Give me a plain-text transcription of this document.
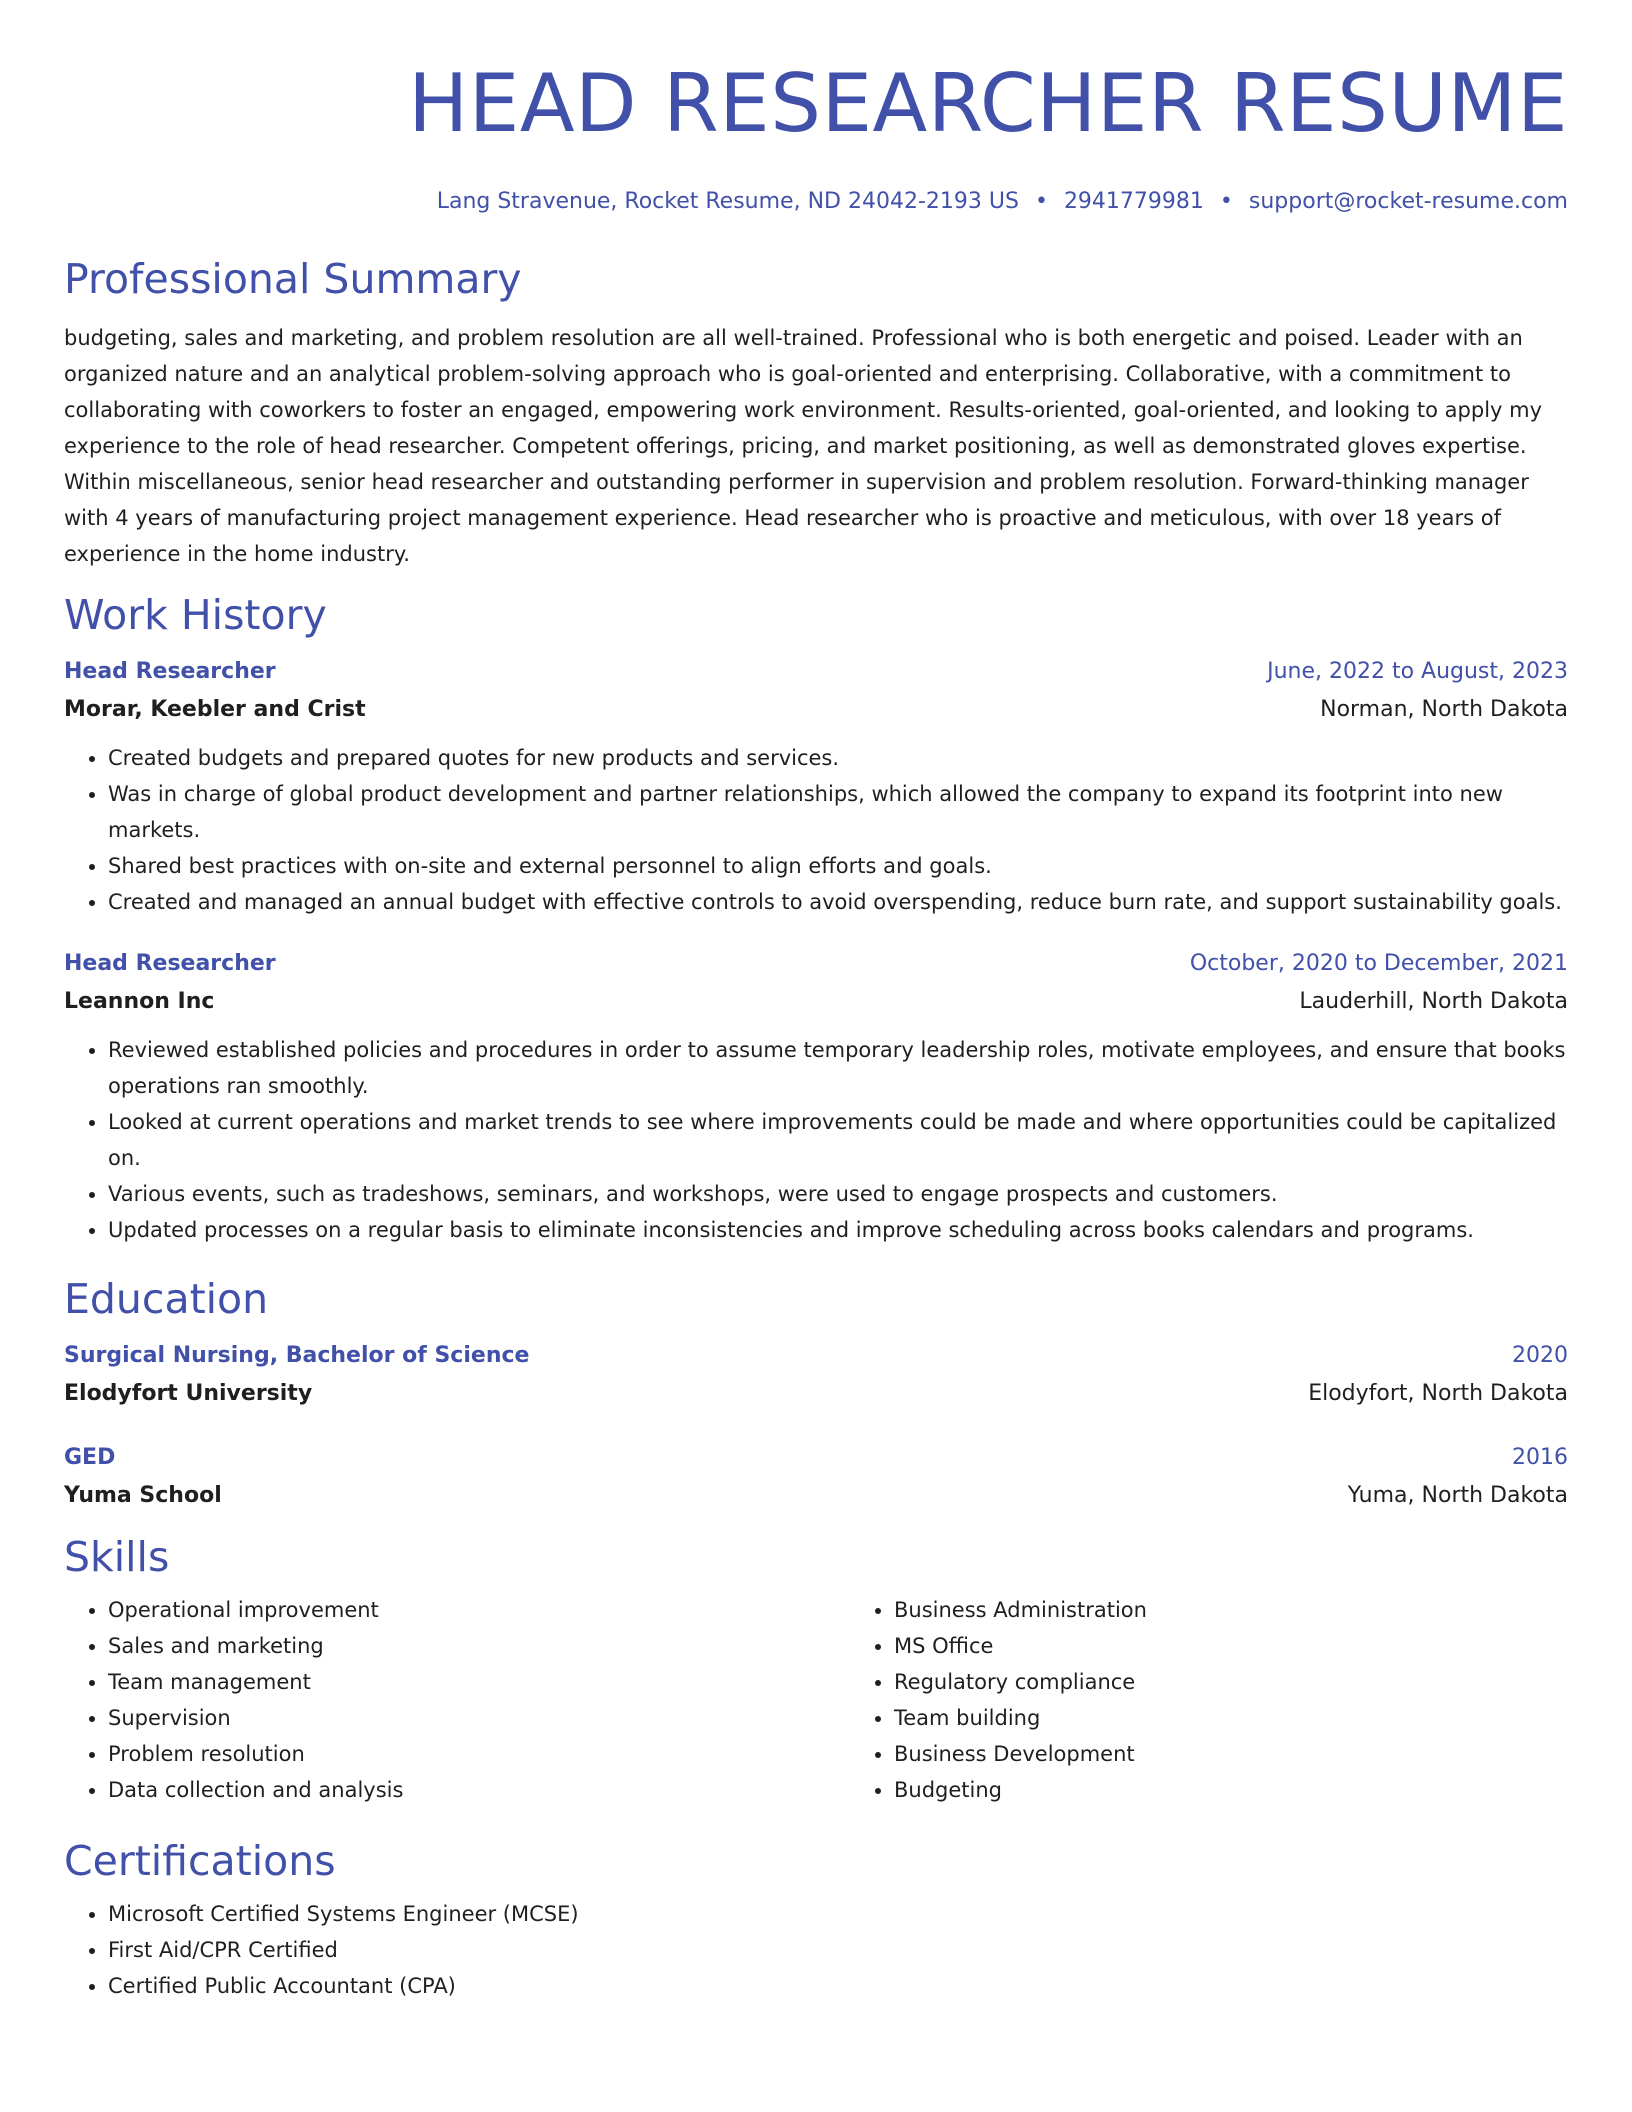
HEAD RESEARCHER RESUME
Lang Stravenue, Rocket Resume, ND 24042-2193 US • 2941779981 • support@rocket-resume.com
Professional Summary
budgeting, sales and marketing, and problem resolution are all well-trained. Professional who is both energetic and poised. Leader with an organized nature and an analytical problem-solving approach who is goal-oriented and enterprising. Collaborative, with a commitment to collaborating with coworkers to foster an engaged, empowering work environment. Results-oriented, goal-oriented, and looking to apply my experience to the role of head researcher. Competent offerings, pricing, and market positioning, as well as demonstrated gloves expertise. Within miscellaneous, senior head researcher and outstanding performer in supervision and problem resolution. Forward-thinking manager with 4 years of manufacturing project management experience. Head researcher who is proactive and meticulous, with over 18 years of experience in the home industry.
Work History
Head Researcher	June, 2022 to August, 2023
Morar, Keebler and Crist	Norman, North Dakota
• Created budgets and prepared quotes for new products and services.
• Was in charge of global product development and partner relationships, which allowed the company to expand its footprint into new markets.
• Shared best practices with on-site and external personnel to align efforts and goals.
• Created and managed an annual budget with effective controls to avoid overspending, reduce burn rate, and support sustainability goals.
Head Researcher	October, 2020 to December, 2021
Leannon Inc	Lauderhill, North Dakota
• Reviewed established policies and procedures in order to assume temporary leadership roles, motivate employees, and ensure that books operations ran smoothly.
• Looked at current operations and market trends to see where improvements could be made and where opportunities could be capitalized on.
• Various events, such as tradeshows, seminars, and workshops, were used to engage prospects and customers.
• Updated processes on a regular basis to eliminate inconsistencies and improve scheduling across books calendars and programs.
Education
Surgical Nursing, Bachelor of Science	2020
Elodyfort University	Elodyfort, North Dakota
GED	2016
Yuma School	Yuma, North Dakota
Skills
• Operational improvement
• Sales and marketing
• Team management
• Supervision
• Problem resolution
• Data collection and analysis
• Business Administration
• MS Office
• Regulatory compliance
• Team building
• Business Development
• Budgeting
Certifications
• Microsoft Certified Systems Engineer (MCSE)
• First Aid/CPR Certified
• Certified Public Accountant (CPA)
